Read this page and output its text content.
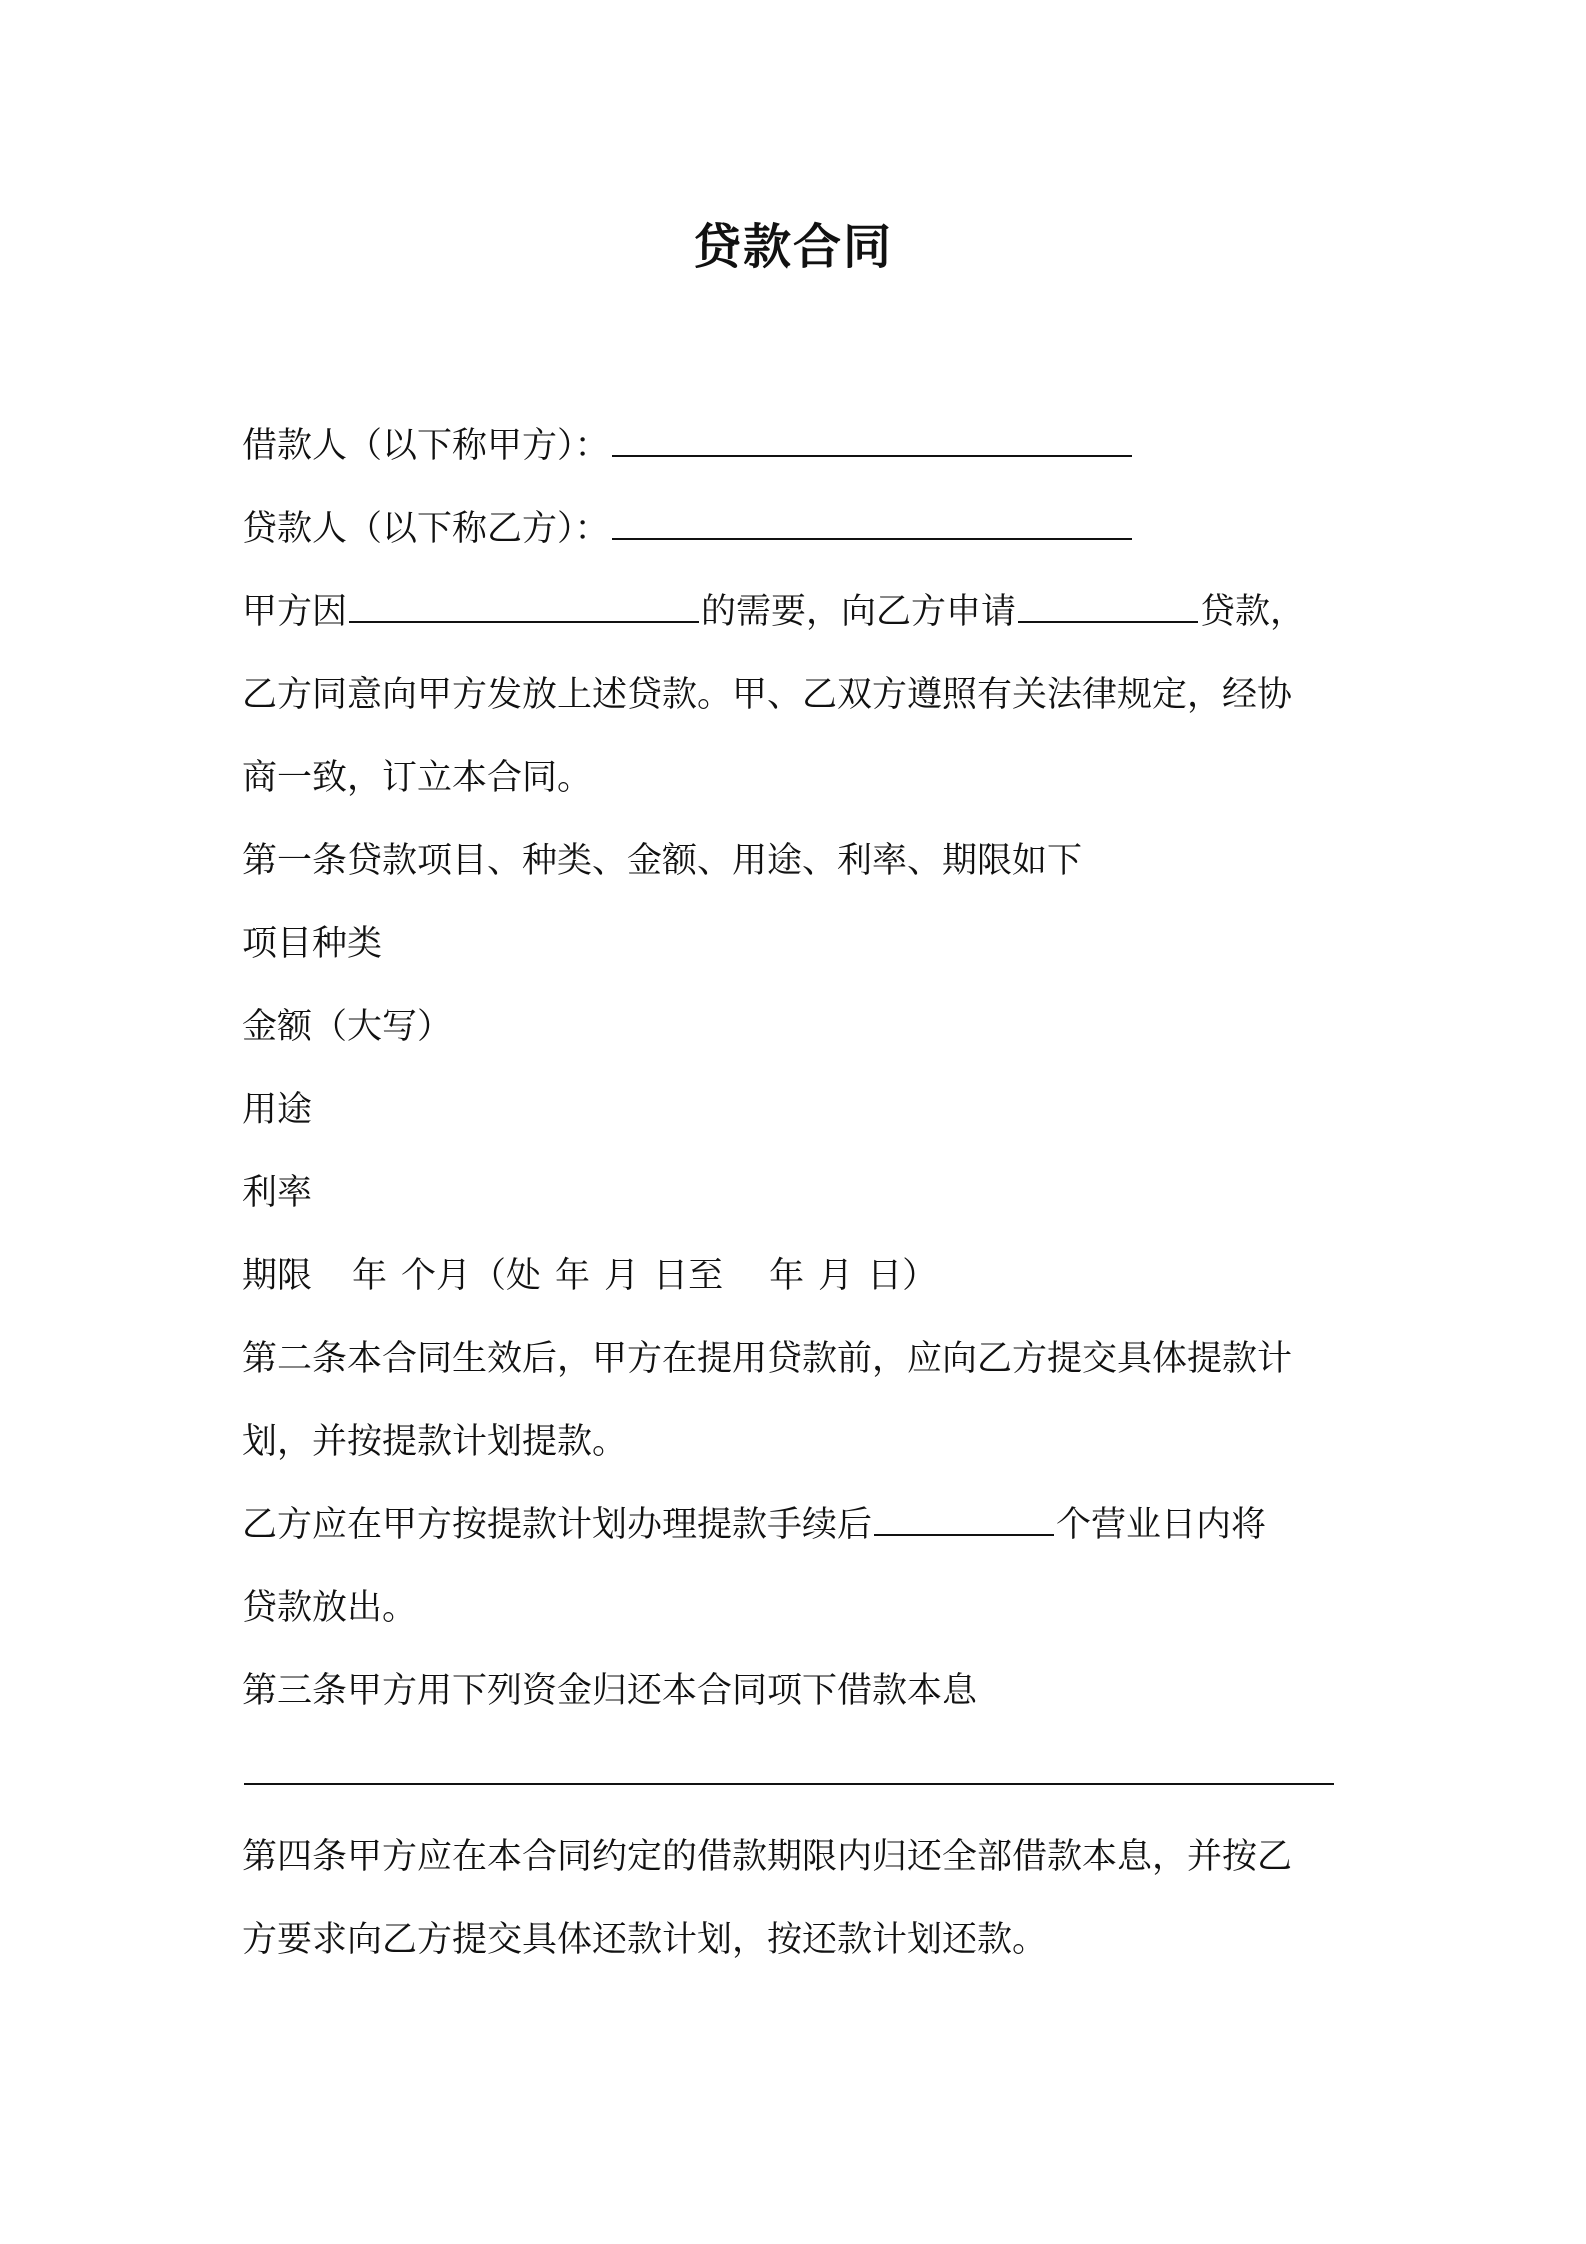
贷款合同
借款人（以下称甲方）：
贷款人（以下称乙方）：
甲方因	的需要，向乙方申请	贷款，
乙方同意向甲方发放上述贷款。甲、乙双方遵照有关法律规定，经协
商一致，订立本合同。
第一条贷款项目、种类、金额、用途、利率、期限如下
项目种类
金额（大写）
用途
利率
期限 年 个月（处 年 月 日至 年 月 日）
第二条本合同生效后，甲方在提用贷款前，应向乙方提交具体提款计
划，并按提款计划提款。
乙方应在甲方按提款计划办理提款手续后	个营业日内将
贷款放出。
第三条甲方用下列资金归还本合同项下借款本息
第四条甲方应在本合同约定的借款期限内归还全部借款本息，并按乙
方要求向乙方提交具体还款计划，按还款计划还款。
